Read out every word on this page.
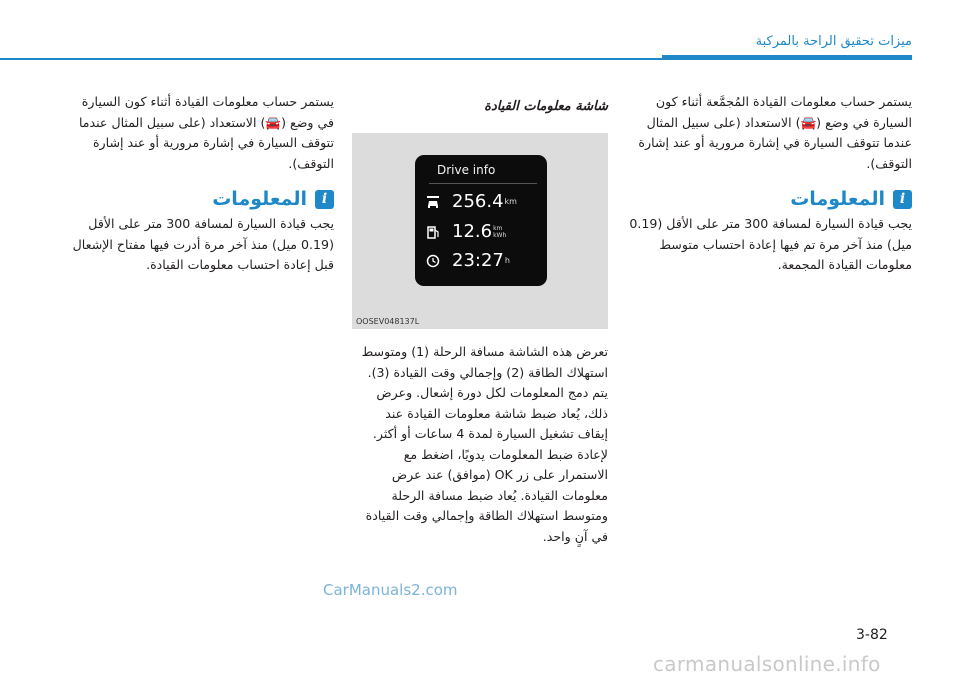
ميزات تحقيق الراحة بالمركبة

يستمر حساب معلومات القيادة المُجمَّعة أثناء كون السيارة في وضع (🚘) الاستعداد (على سبيل المثال عندما تتوقف السيارة في إشارة مرورية أو عند إشارة التوقف).

i
المعلومات

يجب قيادة السيارة لمسافة 300 متر على الأقل (0.19 ميل) منذ آخر مرة تم فيها إعادة احتساب متوسط معلومات القيادة المجمعة.

شاشة معلومات القيادة
Drive info
256.4 km
12.6 km
kWh
23:27 h
OOSEV048137L

تعرض هذه الشاشة مسافة الرحلة (1) ومتوسط استهلاك الطاقة (2) وإجمالي وقت القيادة (3). يتم دمج المعلومات لكل دورة إشعال. وعرض ذلك، يُعاد ضبط شاشة معلومات القيادة عند إيقاف تشغيل السيارة لمدة 4 ساعات أو أكثر. لإعادة ضبط المعلومات يدويًا، اضغط مع الاستمرار على زر OK (موافق) عند عرض معلومات القيادة. يُعاد ضبط مسافة الرحلة ومتوسط استهلاك الطاقة وإجمالي وقت القيادة في آنٍ واحد.

يستمر حساب معلومات القيادة أثناء كون السيارة في وضع (🚘) الاستعداد (على سبيل المثال عندما تتوقف السيارة في إشارة مرورية أو عند إشارة التوقف).

i
المعلومات

يجب قيادة السيارة لمسافة 300 متر على الأقل (0.19 ميل) منذ آخر مرة أدرت فيها مفتاح الإشعال قبل إعادة احتساب معلومات القيادة.

CarManuals2.com
3-82
carmanualsonline.info
